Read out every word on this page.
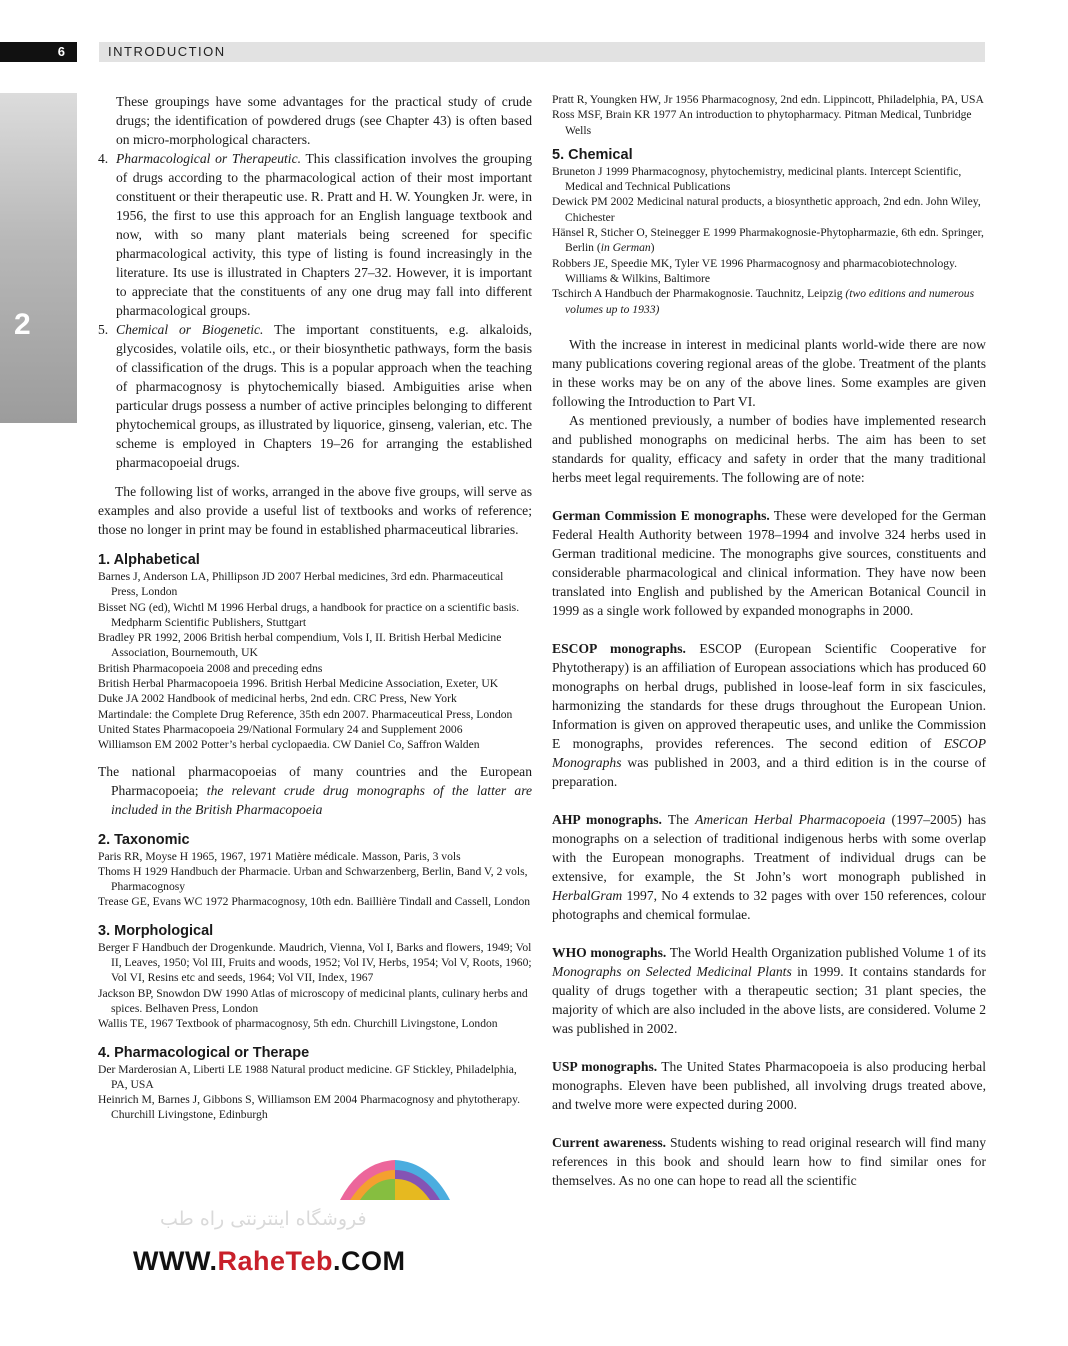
6	INTRODUCTION
2

These groupings have some advantages for the practical study of crude drugs; the identification of powdered drugs (see Chapter 43) is often based on micro-morphological characters.

4. Pharmacological or Therapeutic. This classification involves the grouping of drugs according to the pharmacological action of their most important constituent or their therapeutic use. R. Pratt and H. W. Youngken Jr. were, in 1956, the first to use this approach for an English language textbook and now, with so many plant materials being screened for specific pharmacological activity, this type of listing is found increasingly in the literature. Its use is illustrated in Chapters 27–32. However, it is important to appreciate that the constituents of any one drug may fall into different pharmacological groups.
5. Chemical or Biogenetic. The important constituents, e.g. alkaloids, glycosides, volatile oils, etc., or their biosynthetic pathways, form the basis of classification of the drugs. This is a popular approach when the teaching of pharmacognosy is phytochemically biased. Ambiguities arise when particular drugs possess a number of active principles belonging to different phytochemical groups, as illustrated by liquorice, ginseng, valerian, etc. The scheme is employed in Chapters 19–26 for arranging the established pharmacopoeial drugs.

The following list of works, arranged in the above five groups, will serve as examples and also provide a useful list of textbooks and works of reference; those no longer in print may be found in established pharmaceutical libraries.

1. Alphabetical
Barnes J, Anderson LA, Phillipson JD 2007 Herbal medicines, 3rd edn. Pharmaceutical Press, London
Bisset NG (ed), Wichtl M 1996 Herbal drugs, a handbook for practice on a scientific basis. Medpharm Scientific Publishers, Stuttgart
Bradley PR 1992, 2006 British herbal compendium, Vols I, II. British Herbal Medicine Association, Bournemouth, UK
British Pharmacopoeia 2008 and preceding edns
British Herbal Pharmacopoeia 1996. British Herbal Medicine Association, Exeter, UK
Duke JA 2002 Handbook of medicinal herbs, 2nd edn. CRC Press, New York
Martindale: the Complete Drug Reference, 35th edn 2007. Pharmaceutical Press, London
United States Pharmacopoeia 29/National Formulary 24 and Supplement 2006
Williamson EM 2002 Potter’s herbal cyclopaedia. CW Daniel Co, Saffron Walden

The national pharmacopoeias of many countries and the European Pharmacopoeia; the relevant crude drug monographs of the latter are included in the British Pharmacopoeia

2. Taxonomic
Paris RR, Moyse H 1965, 1967, 1971 Matière médicale. Masson, Paris, 3 vols
Thoms H 1929 Handbuch der Pharmacie. Urban and Schwarzenberg, Berlin, Band V, 2 vols, Pharmacognosy
Trease GE, Evans WC 1972 Pharmacognosy, 10th edn. Baillière Tindall and Cassell, London
3. Morphological
Berger F Handbuch der Drogenkunde. Maudrich, Vienna, Vol I, Barks and flowers, 1949; Vol II, Leaves, 1950; Vol III, Fruits and woods, 1952; Vol IV, Herbs, 1954; Vol V, Roots, 1960; Vol VI, Resins etc and seeds, 1964; Vol VII, Index, 1967
Jackson BP, Snowdon DW 1990 Atlas of microscopy of medicinal plants, culinary herbs and spices. Belhaven Press, London
Wallis TE, 1967 Textbook of pharmacognosy, 5th edn. Churchill Livingstone, London
4. Pharmacological or Therape
Der Marderosian A, Liberti LE 1988 Natural product medicine. GF Stickley, Philadelphia, PA, USA
Heinrich M, Barnes J, Gibbons S, Williamson EM 2004 Pharmacognosy and phytotherapy. Churchill Livingstone, Edinburgh
Pratt R, Youngken HW, Jr 1956 Pharmacognosy, 2nd edn. Lippincott, Philadelphia, PA, USA
Ross MSF, Brain KR 1977 An introduction to phytopharmacy. Pitman Medical, Tunbridge Wells
5. Chemical
Bruneton J 1999 Pharmacognosy, phytochemistry, medicinal plants. Intercept Scientific, Medical and Technical Publications
Dewick PM 2002 Medicinal natural products, a biosynthetic approach, 2nd edn. John Wiley, Chichester
Hänsel R, Sticher O, Steinegger E 1999 Pharmakognosie-Phytopharmazie, 6th edn. Springer, Berlin (in German)
Robbers JE, Speedie MK, Tyler VE 1996 Pharmacognosy and pharmacobiotechnology. Williams & Wilkins, Baltimore
Tschirch A Handbuch der Pharmakognosie. Tauchnitz, Leipzig (two editions and numerous volumes up to 1933)

With the increase in interest in medicinal plants world-wide there are now many publications covering regional areas of the globe. Treatment of the plants in these works may be on any of the above lines. Some examples are given following the Introduction to Part VI.

As mentioned previously, a number of bodies have implemented research and published monographs on medicinal herbs. The aim has been to set standards for quality, efficacy and safety in order that the many traditional herbs meet legal requirements. The following are of note:

German Commission E monographs. These were developed for the German Federal Health Authority between 1978–1994 and involve 324 herbs used in German traditional medicine. The monographs give sources, constituents and considerable pharmacological and clinical information. They have now been translated into English and published by the American Botanical Council in 1999 as a single work followed by expanded monographs in 2000.

ESCOP monographs. ESCOP (European Scientific Cooperative for Phytotherapy) is an affiliation of European associations which has produced 60 monographs on herbal drugs, published in loose-leaf form in six fascicules, harmonizing the standards for these drugs throughout the European Union. Information is given on approved therapeutic uses, and unlike the Commission E monographs, provides references. The second edition of ESCOP Monographs was published in 2003, and a third edition is in the course of preparation.

AHP monographs. The American Herbal Pharmacopoeia (1997–2005) has monographs on a selection of traditional indigenous herbs with some overlap with the European monographs. Treatment of individual drugs can be extensive, for example, the St John’s wort monograph published in HerbalGram 1997, No 4 extends to 32 pages with over 150 references, colour photographs and chemical formulae.

WHO monographs. The World Health Organization published Volume 1 of its Monographs on Selected Medicinal Plants in 1999. It contains standards for quality of drugs together with a therapeutic section; 31 plant species, the majority of which are also included in the above lists, are considered. Volume 2 was published in 2002.

USP monographs. The United States Pharmacopoeia is also producing herbal monographs. Eleven have been published, all involving drugs treated above, and twelve more were expected during 2000.

Current awareness. Students wishing to read original research will find many references in this book and should learn how to find similar ones for themselves. As no one can hope to read all the scientific

فروشگاه اینترنتی راه طب
WWW.RaheTeb.COM
